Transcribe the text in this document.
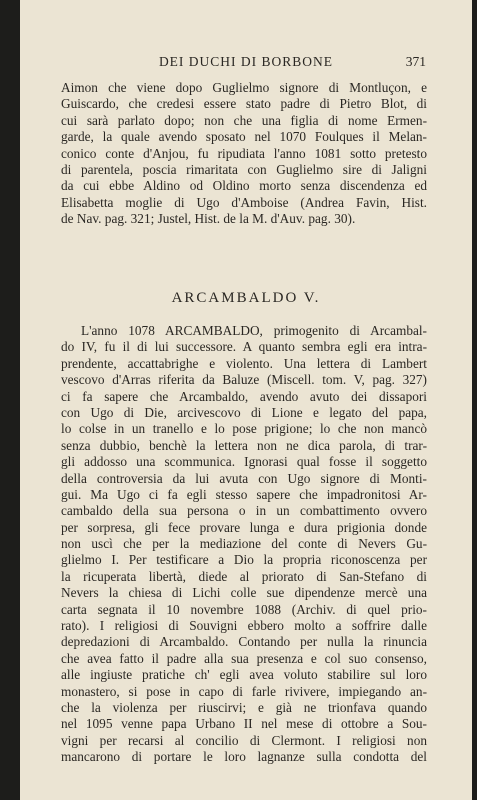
DEI DUCHI DI BORBONE	371
Aimon che viene dopo Guglielmo signore di Montluçon, e
Guiscardo, che credesi essere stato padre di Pietro Blot, di
cui sarà parlato dopo; non che una figlia di nome Ermen-
garde, la quale avendo sposato nel 1070 Foulques il Melan-
conico conte d'Anjou, fu ripudiata l'anno 1081 sotto pretesto
di parentela, poscia rimaritata con Guglielmo sire di Jaligni
da cui ebbe Aldino od Oldino morto senza discendenza ed
Elisabetta moglie di Ugo d'Amboise (Andrea Favin, Hist.
de Nav. pag. 321; Justel, Hist. de la M. d'Auv. pag. 30).
ARCAMBALDO V.
L'anno 1078 ARCAMBALDO, primogenito di Arcambal-
do IV, fu il di lui successore. A quanto sembra egli era intra-
prendente, accattabrighe e violento. Una lettera di Lambert
vescovo d'Arras riferita da Baluze (Miscell. tom. V, pag. 327)
ci fa sapere che Arcambaldo, avendo avuto dei dissapori
con Ugo di Die, arcivescovo di Lione e legato del papa,
lo colse in un tranello e lo pose prigione; lo che non mancò
senza dubbio, benchè la lettera non ne dica parola, di trar-
gli addosso una scommunica. Ignorasi qual fosse il soggetto
della controversia da lui avuta con Ugo signore di Monti-
gui. Ma Ugo ci fa egli stesso sapere che impadronitosi Ar-
cambaldo della sua persona o in un combattimento ovvero
per sorpresa, gli fece provare lunga e dura prigionia donde
non uscì che per la mediazione del conte di Nevers Gu-
glielmo I. Per testificare a Dio la propria riconoscenza per
la ricuperata libertà, diede al priorato di San-Stefano di
Nevers la chiesa di Lichi colle sue dipendenze mercè una
carta segnata il 10 novembre 1088 (Archiv. di quel prio-
rato). I religiosi di Souvigni ebbero molto a soffrire dalle
depredazioni di Arcambaldo. Contando per nulla la rinuncia
che avea fatto il padre alla sua presenza e col suo consenso,
alle ingiuste pratiche ch' egli avea voluto stabilire sul loro
monastero, si pose in capo di farle rivivere, impiegando an-
che la violenza per riuscirvi; e già ne trionfava quando
nel 1095 venne papa Urbano II nel mese di ottobre a Sou-
vigni per recarsi al concilio di Clermont. I religiosi non
mancarono di portare le loro lagnanze sulla condotta del
